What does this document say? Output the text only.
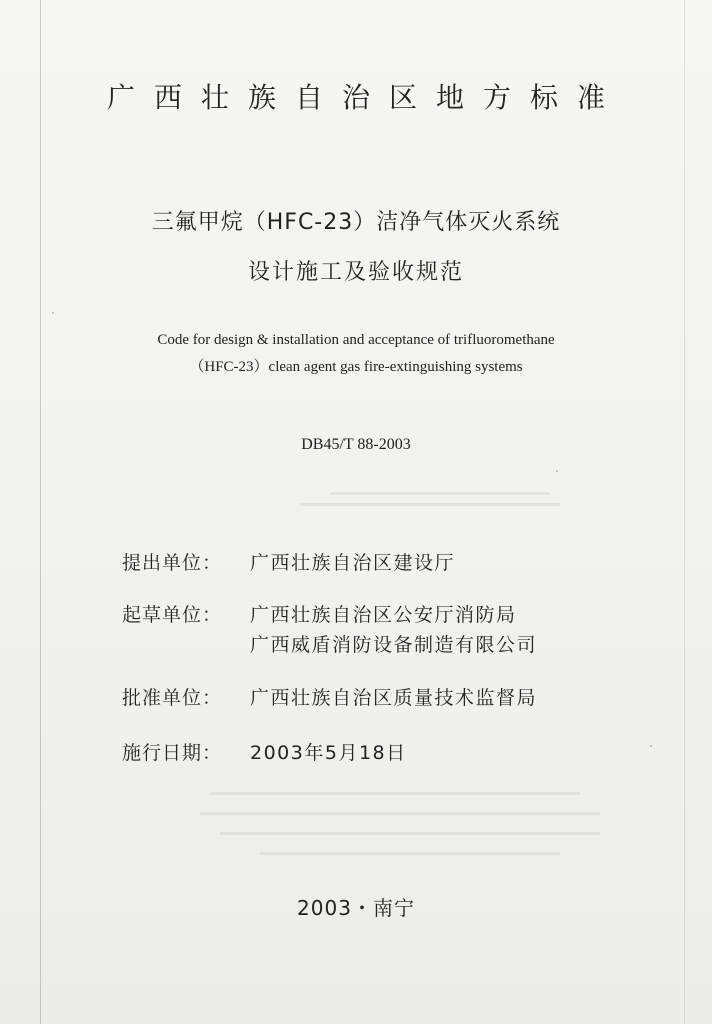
广西壮族自治区地方标准
三氟甲烷（HFC-23）洁净气体灭火系统
设计施工及验收规范
Code for design & installation and acceptance of trifluoromethane
（HFC-23）clean agent gas fire-extinguishing systems
DB45/T 88-2003
提出单位： 广西壮族自治区建设厅
起草单位： 广西壮族自治区公安厅消防局
广西威盾消防设备制造有限公司
批准单位： 广西壮族自治区质量技术监督局
施行日期： 2003年5月18日
2003・南宁
